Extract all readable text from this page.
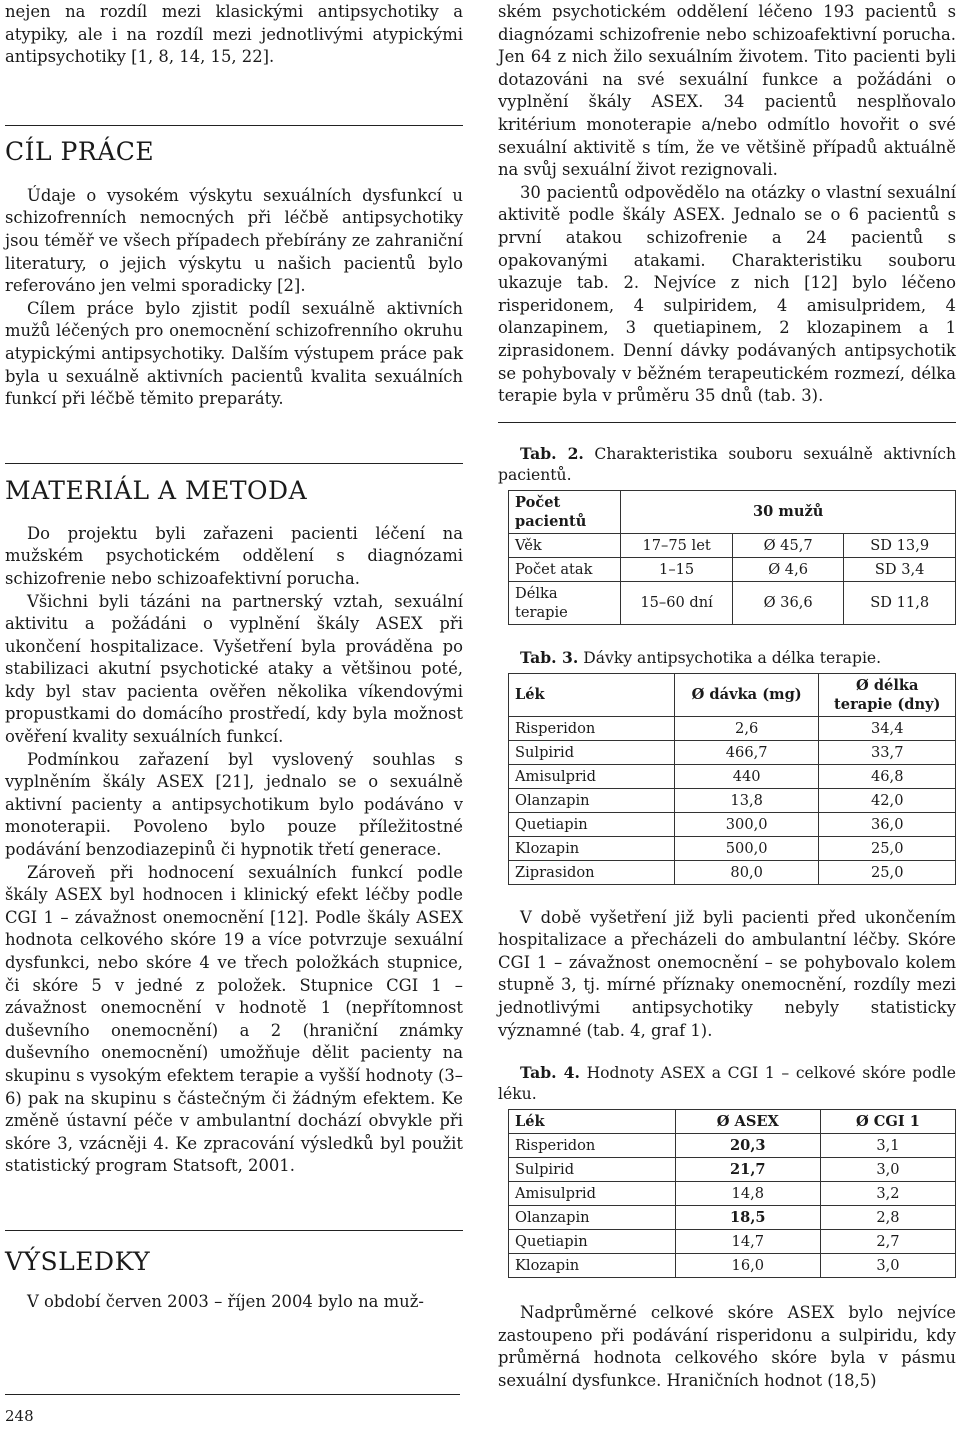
nejen na rozdíl mezi klasickými antipsychotiky a atypiky, ale i na rozdíl mezi jednotlivými atypickými antipsychotiky [1, 8, 14, 15, 22].

CÍL PRÁCE

Údaje o vysokém výskytu sexuálních dysfunkcí u schizofrenních nemocných při léčbě antipsychotiky jsou téměř ve všech případech přebírány ze zahraniční literatury, o jejich výskytu u našich pacientů bylo referováno jen velmi sporadicky [2].

Cílem práce bylo zjistit podíl sexuálně aktivních mužů léčených pro onemocnění schizofrenního okruhu atypickými antipsychotiky. Dalším výstupem práce pak byla u sexuálně aktivních pacientů kvalita sexuálních funkcí při léčbě těmito preparáty.

MATERIÁL A METODA

Do projektu byli zařazeni pacienti léčení na mužském psychotickém oddělení s diagnózami schizofrenie nebo schizoafektivní porucha.

Všichni byli tázáni na partnerský vztah, sexuální aktivitu a požádáni o vyplnění škály ASEX při ukončení hospitalizace. Vyšetření byla prováděna po stabilizaci akutní psychotické ataky a většinou poté, kdy byl stav pacienta ověřen několika víkendovými propustkami do domácího prostředí, kdy byla možnost ověření kvality sexuálních funkcí.

Podmínkou zařazení byl vyslovený souhlas s vyplněním škály ASEX [21], jednalo se o sexuálně aktivní pacienty a antipsychotikum bylo podáváno v monoterapii. Povoleno bylo pouze příležitostné podávání benzodiazepinů či hypnotik třetí generace.

Zároveň při hodnocení sexuálních funkcí podle škály ASEX byl hodnocen i klinický efekt léčby podle CGI 1 – závažnost onemocnění [12]. Podle škály ASEX hodnota celkového skóre 19 a více potvrzuje sexuální dysfunkci, nebo skóre 4 ve třech položkách stupnice, či skóre 5 v jedné z položek. Stupnice CGI 1 – závažnost onemocnění v hodnotě 1 (nepřítomnost duševního onemocnění) a 2 (hraniční známky duševního onemocnění) umožňuje dělit pacienty na skupinu s vysokým efektem terapie a vyšší hodnoty (3–6) pak na skupinu s částečným či žádným efektem. Ke změně ústavní péče v ambulantní dochází obvykle při skóre 3, vzácněji 4. Ke zpracování výsledků byl použit statistický program Statsoft, 2001.

VÝSLEDKY

V období červen 2003 – říjen 2004 bylo na muž-

248

ském psychotickém oddělení léčeno 193 pacientů s diagnózami schizofrenie nebo schizoafektivní porucha. Jen 64 z nich žilo sexuálním životem. Tito pacienti byli dotazováni na své sexuální funkce a požádáni o vyplnění škály ASEX. 34 pacientů nesplňovalo kritérium monoterapie a/nebo odmítlo hovořit o své sexuální aktivitě s tím, že ve většině případů aktuálně na svůj sexuální život rezignovali.

30 pacientů odpovědělo na otázky o vlastní sexuální aktivitě podle škály ASEX. Jednalo se o 6 pacientů s první atakou schizofrenie a 24 pacientů s opakovanými atakami. Charakteristiku souboru ukazuje tab. 2. Nejvíce z nich [12] bylo léčeno risperidonem, 4 sulpiridem, 4 amisulpridem, 4 olanzapinem, 3 quetiapinem, 2 klozapinem a 1 ziprasidonem. Denní dávky podávaných antipsychotik se pohybovaly v běžném terapeutickém rozmezí, délka terapie byla v průměru 35 dnů (tab. 3).

Tab. 2. Charakteristika souboru sexuálně aktivních pacientů.

Počet pacientů	30 mužů		
Věk	17–75 let	Ø 45,7	SD 13,9
Počet atak	1–15	Ø 4,6	SD 3,4
Délka terapie	15–60 dní	Ø 36,6	SD 11,8

Tab. 3. Dávky antipsychotika a délka terapie.

Lék	Ø dávka (mg)	Ø délka terapie (dny)
Risperidon	2,6	34,4
Sulpirid	466,7	33,7
Amisulprid	440	46,8
Olanzapin	13,8	42,0
Quetiapin	300,0	36,0
Klozapin	500,0	25,0
Ziprasidon	80,0	25,0

V době vyšetření již byli pacienti před ukončením hospitalizace a přecházeli do ambulantní léčby. Skóre CGI 1 – závažnost onemocnění – se pohybovalo kolem stupně 3, tj. mírné příznaky onemocnění, rozdíly mezi jednotlivými antipsychotiky nebyly statisticky významné (tab. 4, graf 1).

Tab. 4. Hodnoty ASEX a CGI 1 – celkové skóre podle léku.

Lék	Ø ASEX	Ø CGI 1
Risperidon	20,3	3,1
Sulpirid	21,7	3,0
Amisulprid	14,8	3,2
Olanzapin	18,5	2,8
Quetiapin	14,7	2,7
Klozapin	16,0	3,0

Nadprůměrné celkové skóre ASEX bylo nejvíce zastoupeno při podávání risperidonu a sulpiridu, kdy průměrná hodnota celkového skóre byla v pásmu sexuální dysfunkce. Hraničních hodnot (18,5)
